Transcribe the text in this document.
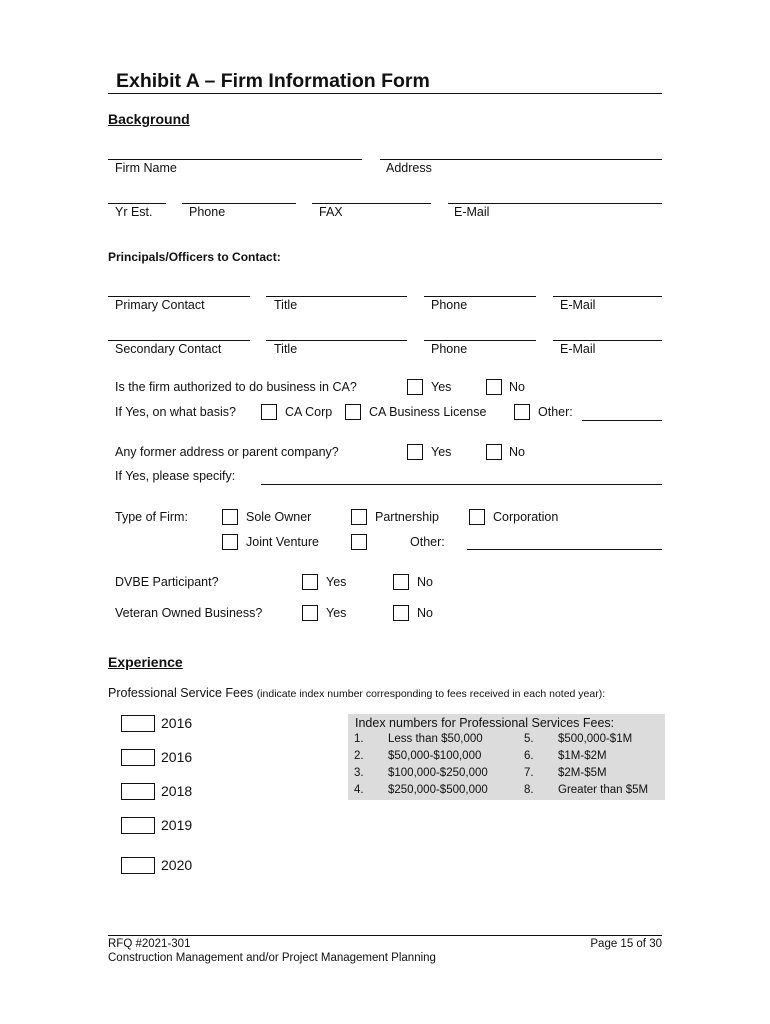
Exhibit A – Firm Information Form
Background
Firm Name	Address
Yr Est.	Phone	FAX	E-Mail
Principals/Officers to Contact:
Primary Contact	Title	Phone	E-Mail
Secondary Contact	Title	Phone	E-Mail
Is the firm authorized to do business in CA?	Yes	No
If Yes, on what basis?	CA Corp	CA Business License	Other:
Any former address or parent company?	Yes	No
If Yes, please specify:
Type of Firm:	Sole Owner	Partnership	Corporation
Joint Venture	Other:
DVBE Participant?	Yes	No
Veteran Owned Business?	Yes	No
Experience
Professional Service Fees (indicate index number corresponding to fees received in each noted year):
2016
2016
2018
2019
2020
Index numbers for Professional Services Fees:
1. Less than $50,000
2. $50,000-$100,000
3. $100,000-$250,000
4. $250,000-$500,000
5. $500,000-$1M
6. $1M-$2M
7. $2M-$5M
8. Greater than $5M
RFQ #2021-301	Page 15 of 30
Construction Management and/or Project Management Planning
